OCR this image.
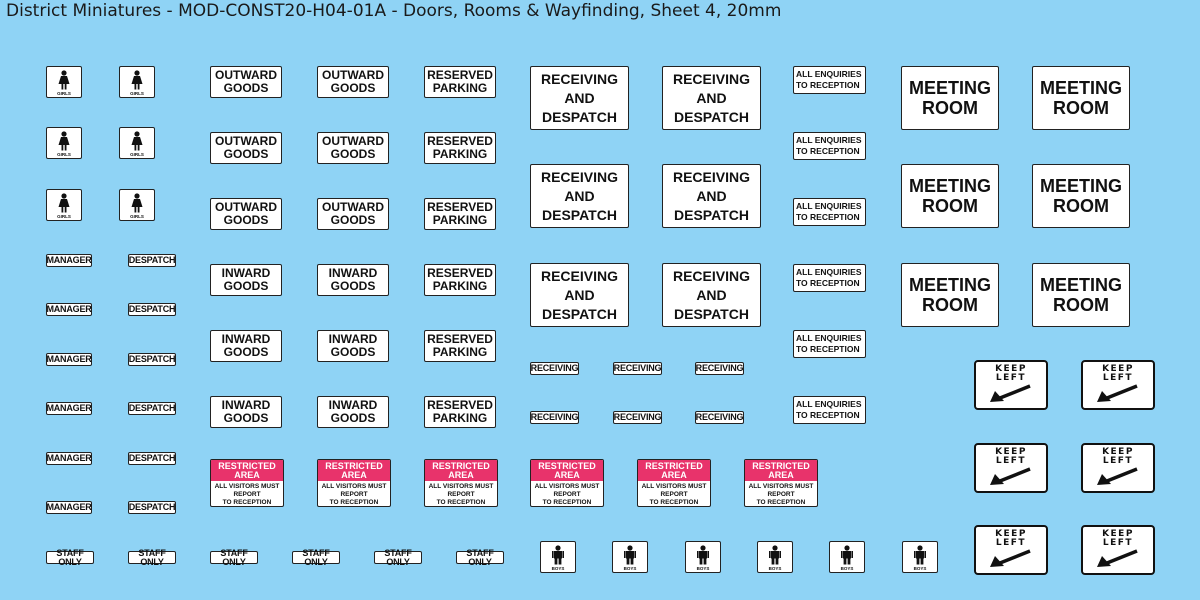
District Miniatures - MOD-CONST20-H04-01A - Doors, Rooms & Wayfinding, Sheet 4, 20mm
GIRLS	GIRLS
GIRLS	GIRLS
GIRLS	GIRLS
MANAGER	DESPATCH
MANAGER	DESPATCH
MANAGER	DESPATCH
MANAGER	DESPATCH
MANAGER	DESPATCH
MANAGER	DESPATCH
STAFF ONLY
STAFF ONLY
STAFF ONLY
STAFF ONLY
STAFF ONLY
STAFF ONLY
OUTWARD
GOODS
OUTWARD
GOODS
OUTWARD
GOODS
OUTWARD
GOODS
OUTWARD
GOODS
OUTWARD
GOODS
INWARD
GOODS
INWARD
GOODS
INWARD
GOODS
INWARD
GOODS
INWARD
GOODS
INWARD
GOODS
RESERVED
PARKING
RESERVED
PARKING
RESERVED
PARKING
RESERVED
PARKING
RESERVED
PARKING
RESERVED
PARKING
RECEIVING
AND
DESPATCH
RECEIVING
AND
DESPATCH
RECEIVING
AND
DESPATCH
RECEIVING
AND
DESPATCH
RECEIVING
AND
DESPATCH
RECEIVING
AND
DESPATCH
RECEIVING	RECEIVING	RECEIVING
RECEIVING	RECEIVING	RECEIVING
ALL ENQUIRIES
TO RECEPTION
ALL ENQUIRIES
TO RECEPTION
ALL ENQUIRIES
TO RECEPTION
ALL ENQUIRIES
TO RECEPTION
ALL ENQUIRIES
TO RECEPTION
ALL ENQUIRIES
TO RECEPTION
MEETING
ROOM
MEETING
ROOM
MEETING
ROOM
MEETING
ROOM
MEETING
ROOM
MEETING
ROOM
RESTRICTED
AREA
ALL VISITORS MUST
REPORT
TO RECEPTION
RESTRICTED
AREA
ALL VISITORS MUST
REPORT
TO RECEPTION
RESTRICTED
AREA
ALL VISITORS MUST
REPORT
TO RECEPTION
RESTRICTED
AREA
ALL VISITORS MUST
REPORT
TO RECEPTION
RESTRICTED
AREA
ALL VISITORS MUST
REPORT
TO RECEPTION
RESTRICTED
AREA
ALL VISITORS MUST
REPORT
TO RECEPTION
KEEP
LEFT
KEEP
LEFT
KEEP
LEFT
KEEP
LEFT
KEEP
LEFT
KEEP
LEFT
BOYS	BOYS	BOYS	BOYS	BOYS	BOYS
